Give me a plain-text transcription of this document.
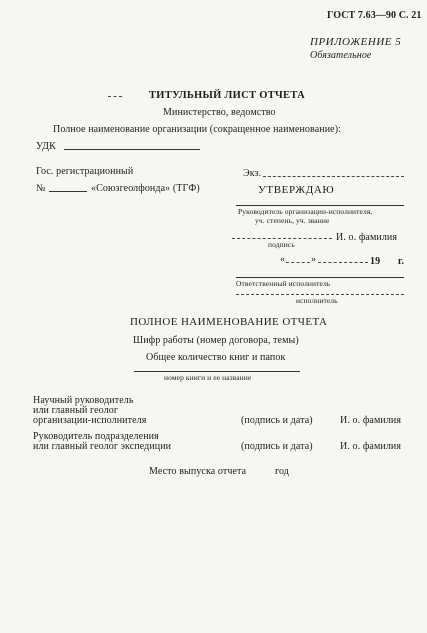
ГОСТ 7.63—90 С. 21
ПРИЛОЖЕНИЕ 5
Обязательное
ТИТУЛЬНЫЙ ЛИСТ ОТЧЕТА
Министерство, ведомство
Полное наименование организации (сокращенное наименование):
УДК
Гос. регистрационный
№	«Союзгеолфонда» (ТГФ)
Экз.
УТВЕРЖДАЮ
Руководитель организации-исполнителя,
уч. степень, уч. звание
И. о. фамилия
подпись
«	»	19 г.
Ответственный исполнитель
исполнитель
ПОЛНОЕ НАИМЕНОВАНИЕ ОТЧЕТА
Шифр работы (номер договора, темы)
Общее количество книг и папок
номер книги и ее название
Научный руководитель
или главный геолог
организации-исполнителя	(подпись и дата)	И. о. фамилия
Руководитель подразделения
или главный геолог экспедиции	(подпись и дата)	И. о. фамилия
Место выпуска отчета	год
